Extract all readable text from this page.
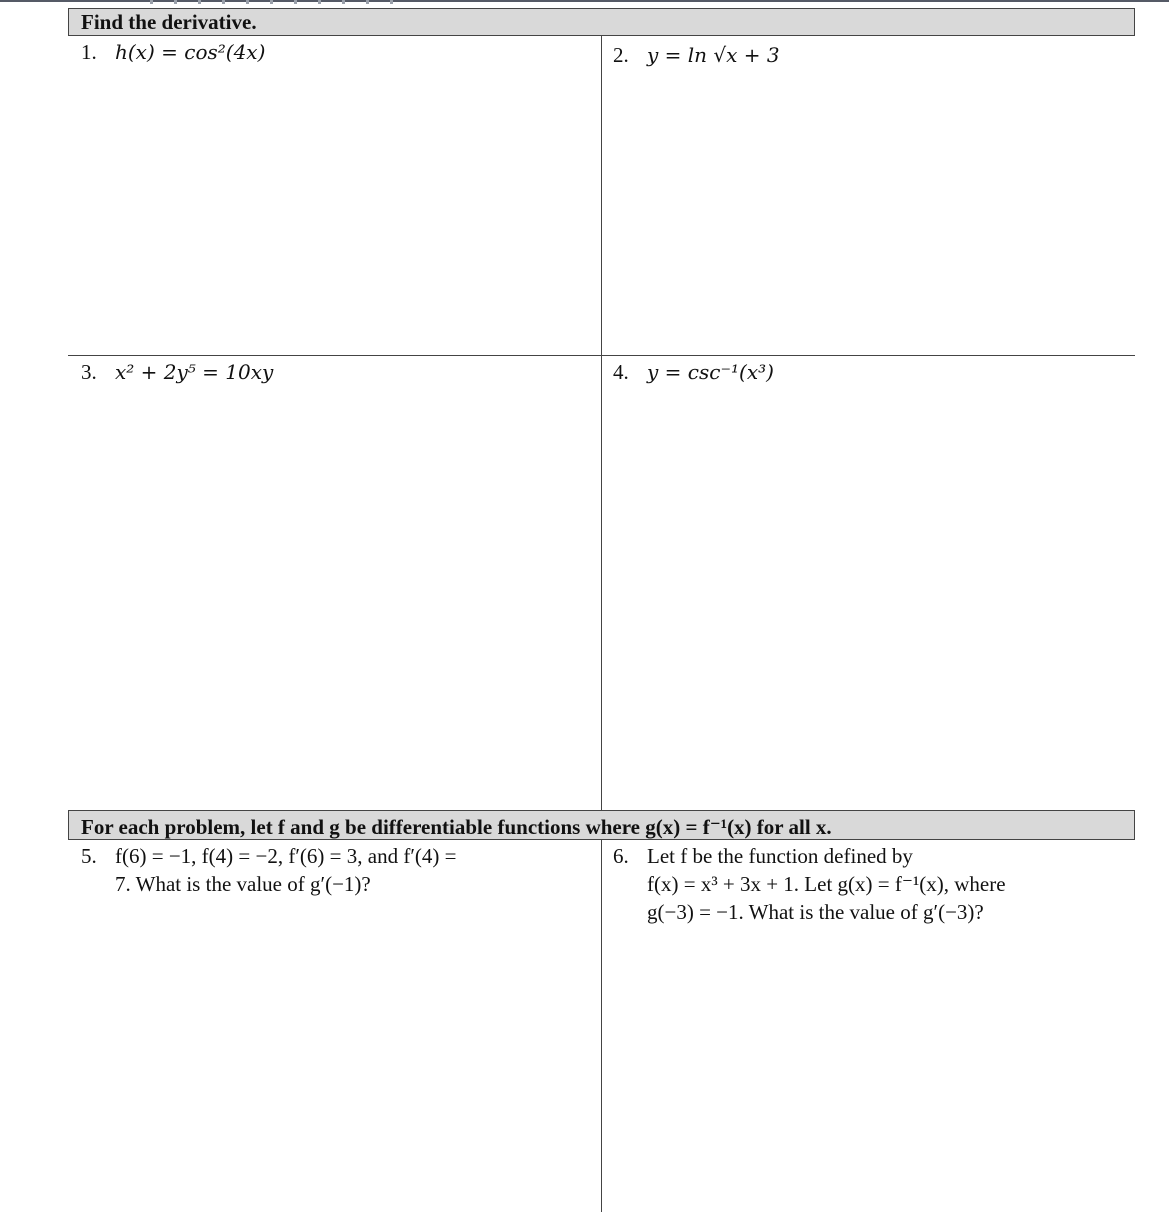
Find the derivative.
1. h(x) = cos²(4x)	2. y = ln √x + 3
3. x² + 2y⁵ = 10xy	4. y = csc⁻¹(x³)
For each problem, let f and g be differentiable functions where g(x) = f⁻¹(x) for all x.
5. f(6) = −1, f(4) = −2, f′(6) = 3, and f′(4) =
7. What is the value of g′(−1)?
6. Let f be the function defined by
f(x) = x³ + 3x + 1. Let g(x) = f⁻¹(x), where
g(−3) = −1. What is the value of g′(−3)?
